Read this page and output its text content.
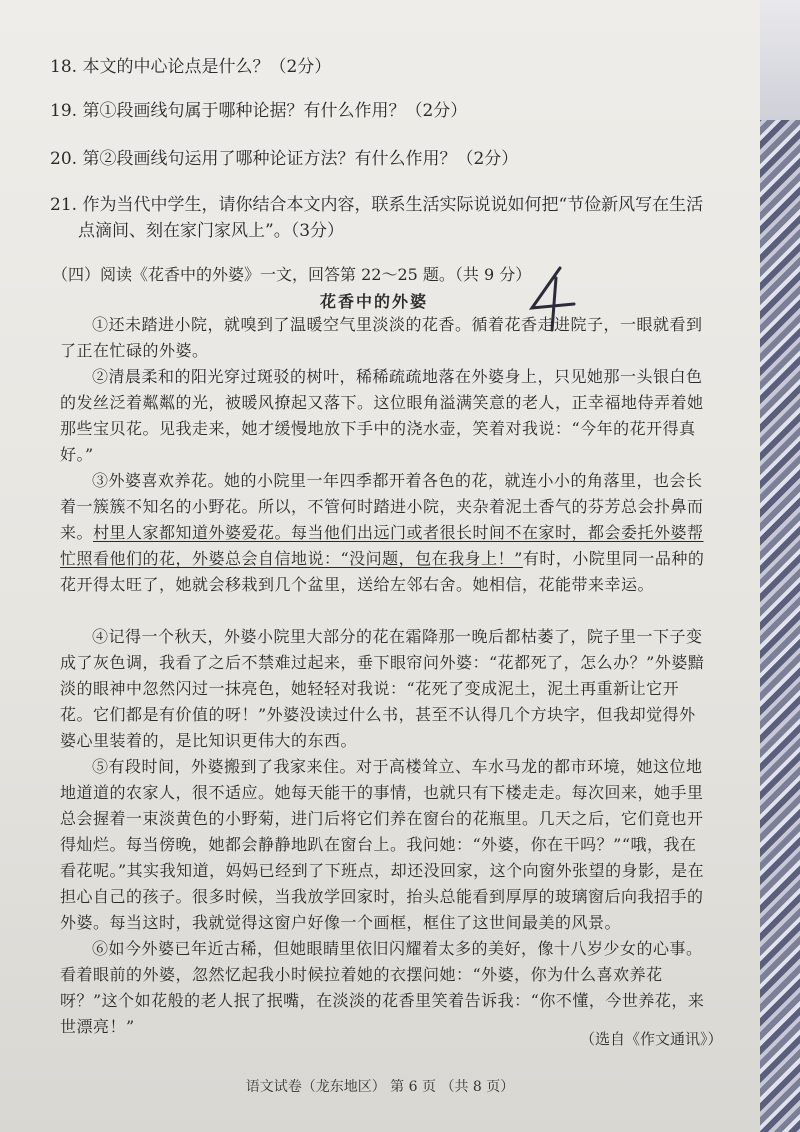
18. 本文的中心论点是什么？（2分）
19. 第①段画线句属于哪种论据？有什么作用？（2分）
20. 第②段画线句运用了哪种论证方法？有什么作用？（2分）
21. 作为当代中学生，请你结合本文内容，联系生活实际说说如何把“节俭新风写在生活
点滴间、刻在家门家风上”。（3分）
（四）阅读《花香中的外婆》一文，回答第 22～25 题。（共 9 分）
花香中的外婆

①还未踏进小院，就嗅到了温暖空气里淡淡的花香。循着花香走进院子，一眼就看到了正在忙碌的外婆。

②清晨柔和的阳光穿过斑驳的树叶，稀稀疏疏地落在外婆身上，只见她那一头银白色的发丝泛着粼粼的光，被暖风撩起又落下。这位眼角溢满笑意的老人，正幸福地侍弄着她那些宝贝花。见我走来，她才缓慢地放下手中的浇水壶，笑着对我说：“今年的花开得真好。”

③外婆喜欢养花。她的小院里一年四季都开着各色的花，就连小小的角落里，也会长着一簇簇不知名的小野花。所以，不管何时踏进小院，夹杂着泥土香气的芬芳总会扑鼻而来。村里人家都知道外婆爱花。每当他们出远门或者很长时间不在家时，都会委托外婆帮忙照看他们的花，外婆总会自信地说：“没问题，包在我身上！”有时，小院里同一品种的花开得太旺了，她就会移栽到几个盆里，送给左邻右舍。她相信，花能带来幸运。

④记得一个秋天，外婆小院里大部分的花在霜降那一晚后都枯萎了，院子里一下子变成了灰色调，我看了之后不禁难过起来，垂下眼帘问外婆：“花都死了，怎么办？”外婆黯淡的眼神中忽然闪过一抹亮色，她轻轻对我说：“花死了变成泥土，泥土再重新让它开花。它们都是有价值的呀！”外婆没读过什么书，甚至不认得几个方块字，但我却觉得外婆心里装着的，是比知识更伟大的东西。

⑤有段时间，外婆搬到了我家来住。对于高楼耸立、车水马龙的都市环境，她这位地地道道的农家人，很不适应。她每天能干的事情，也就只有下楼走走。每次回来，她手里总会握着一束淡黄色的小野菊，进门后将它们养在窗台的花瓶里。几天之后，它们竟也开得灿烂。每当傍晚，她都会静静地趴在窗台上。我问她：“外婆，你在干吗？”“哦，我在看花呢。”其实我知道，妈妈已经到了下班点，却还没回家，这个向窗外张望的身影，是在担心自己的孩子。很多时候，当我放学回家时，抬头总能看到厚厚的玻璃窗后向我招手的外婆。每当这时，我就觉得这窗户好像一个画框，框住了这世间最美的风景。

⑥如今外婆已年近古稀，但她眼睛里依旧闪耀着太多的美好，像十八岁少女的心事。看着眼前的外婆，忽然忆起我小时候拉着她的衣摆问她：“外婆，你为什么喜欢养花呀？”这个如花般的老人抿了抿嘴，在淡淡的花香里笑着告诉我：“你不懂，今世养花，来世漂亮！”

（选自《作文通讯》）
语文试卷（龙东地区） 第 6 页 （共 8 页）
